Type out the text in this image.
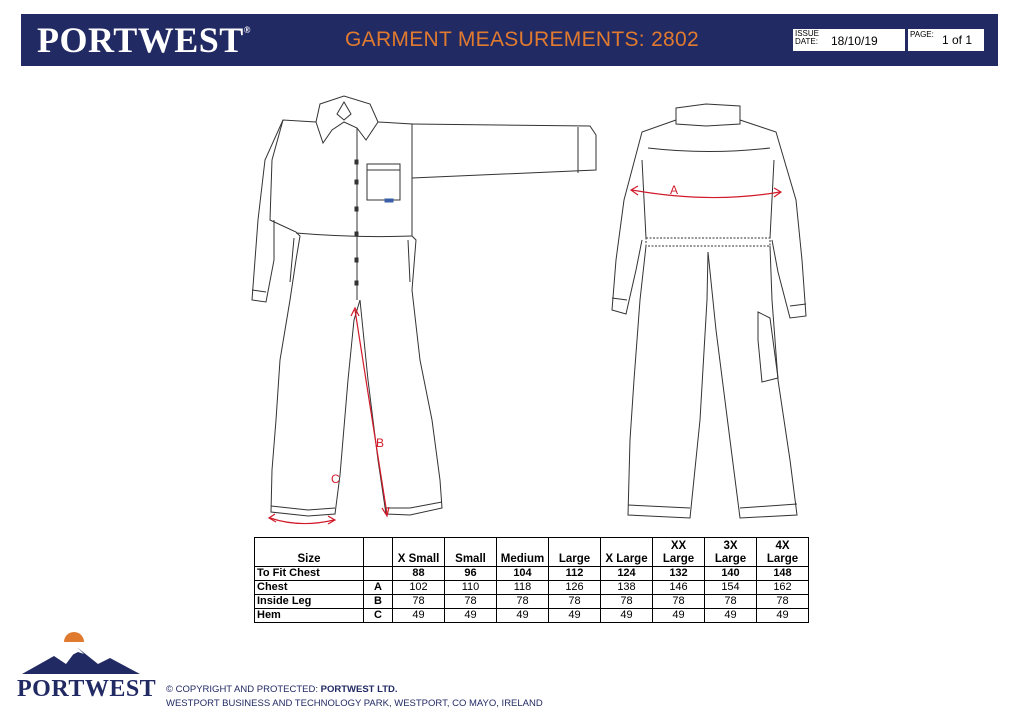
PORTWEST®	GARMENT MEASUREMENTS: 2802	ISSUE
DATE: 18/10/19	PAGE: 1 of 1
B
C
A
Size		X Small	Small	Medium	Large	X Large	XX Large	3X Large	4X Large
To Fit Chest		88	96	104	112	124	132	140	148
Chest	A	102	110	118	126	138	146	154	162
Inside Leg	B	78	78	78	78	78	78	78	78
Hem	C	49	49	49	49	49	49	49	49
PORTWEST © COPYRIGHT AND PROTECTED: PORTWEST LTD.
WESTPORT BUSINESS AND TECHNOLOGY PARK, WESTPORT, CO MAYO, IRELAND
